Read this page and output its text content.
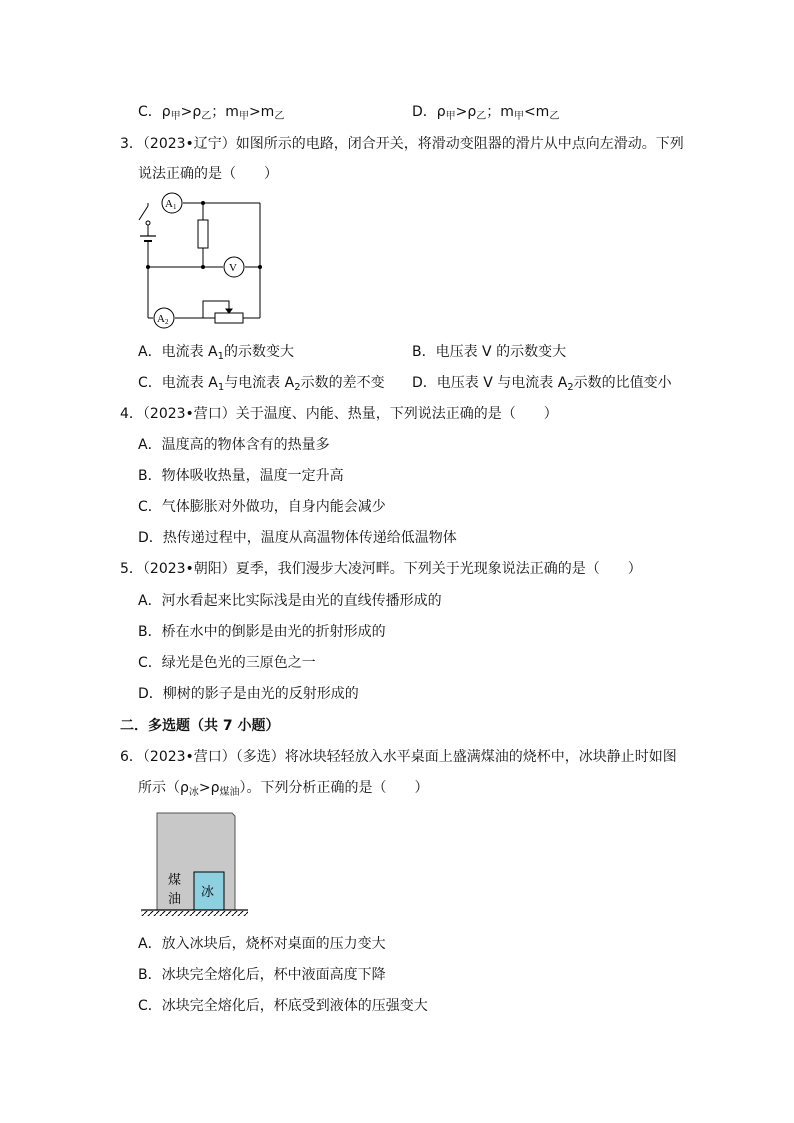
C．$\rho_甲>\rho_乙$；$m_甲>m_乙$	D．$\rho_甲>\rho_乙$；$m_甲<m_乙$
3．（2023•辽宁）如图所示的电路，闭合开关，将滑动变阻器的滑片从中点向左滑动。下列
说法正确的是（　　）
A 1
V
A 2
A．电流表 $A_1$的示数变大	B．电压表 V 的示数变大
C．电流表 $A_1$与电流表 $A_2$示数的差不变 D．电压表 V 与电流表 $A_2$示数的比值变小
4．（2023•营口）关于温度、内能、热量，下列说法正确的是（　　）
A．温度高的物体含有的热量多
B．物体吸收热量，温度一定升高
C．气体膨胀对外做功，自身内能会减少
D．热传递过程中，温度从高温物体传递给低温物体
5．（2023•朝阳）夏季，我们漫步大凌河畔。下列关于光现象说法正确的是（　　）
A．河水看起来比实际浅是由光的直线传播形成的
B．桥在水中的倒影是由光的折射形成的
C．绿光是色光的三原色之一
D．柳树的影子是由光的反射形成的
二．多选题（共 7 小题）
6．（2023•营口）（多选）将冰块轻轻放入水平桌面上盛满煤油的烧杯中，冰块静止时如图
所示$(\rho_冰>\rho_{煤油})$。下列分析正确的是（　　）
煤
油 冰
A．放入冰块后，烧杯对桌面的压力变大
B．冰块完全熔化后，杯中液面高度下降
C．冰块完全熔化后，杯底受到液体的压强变大
